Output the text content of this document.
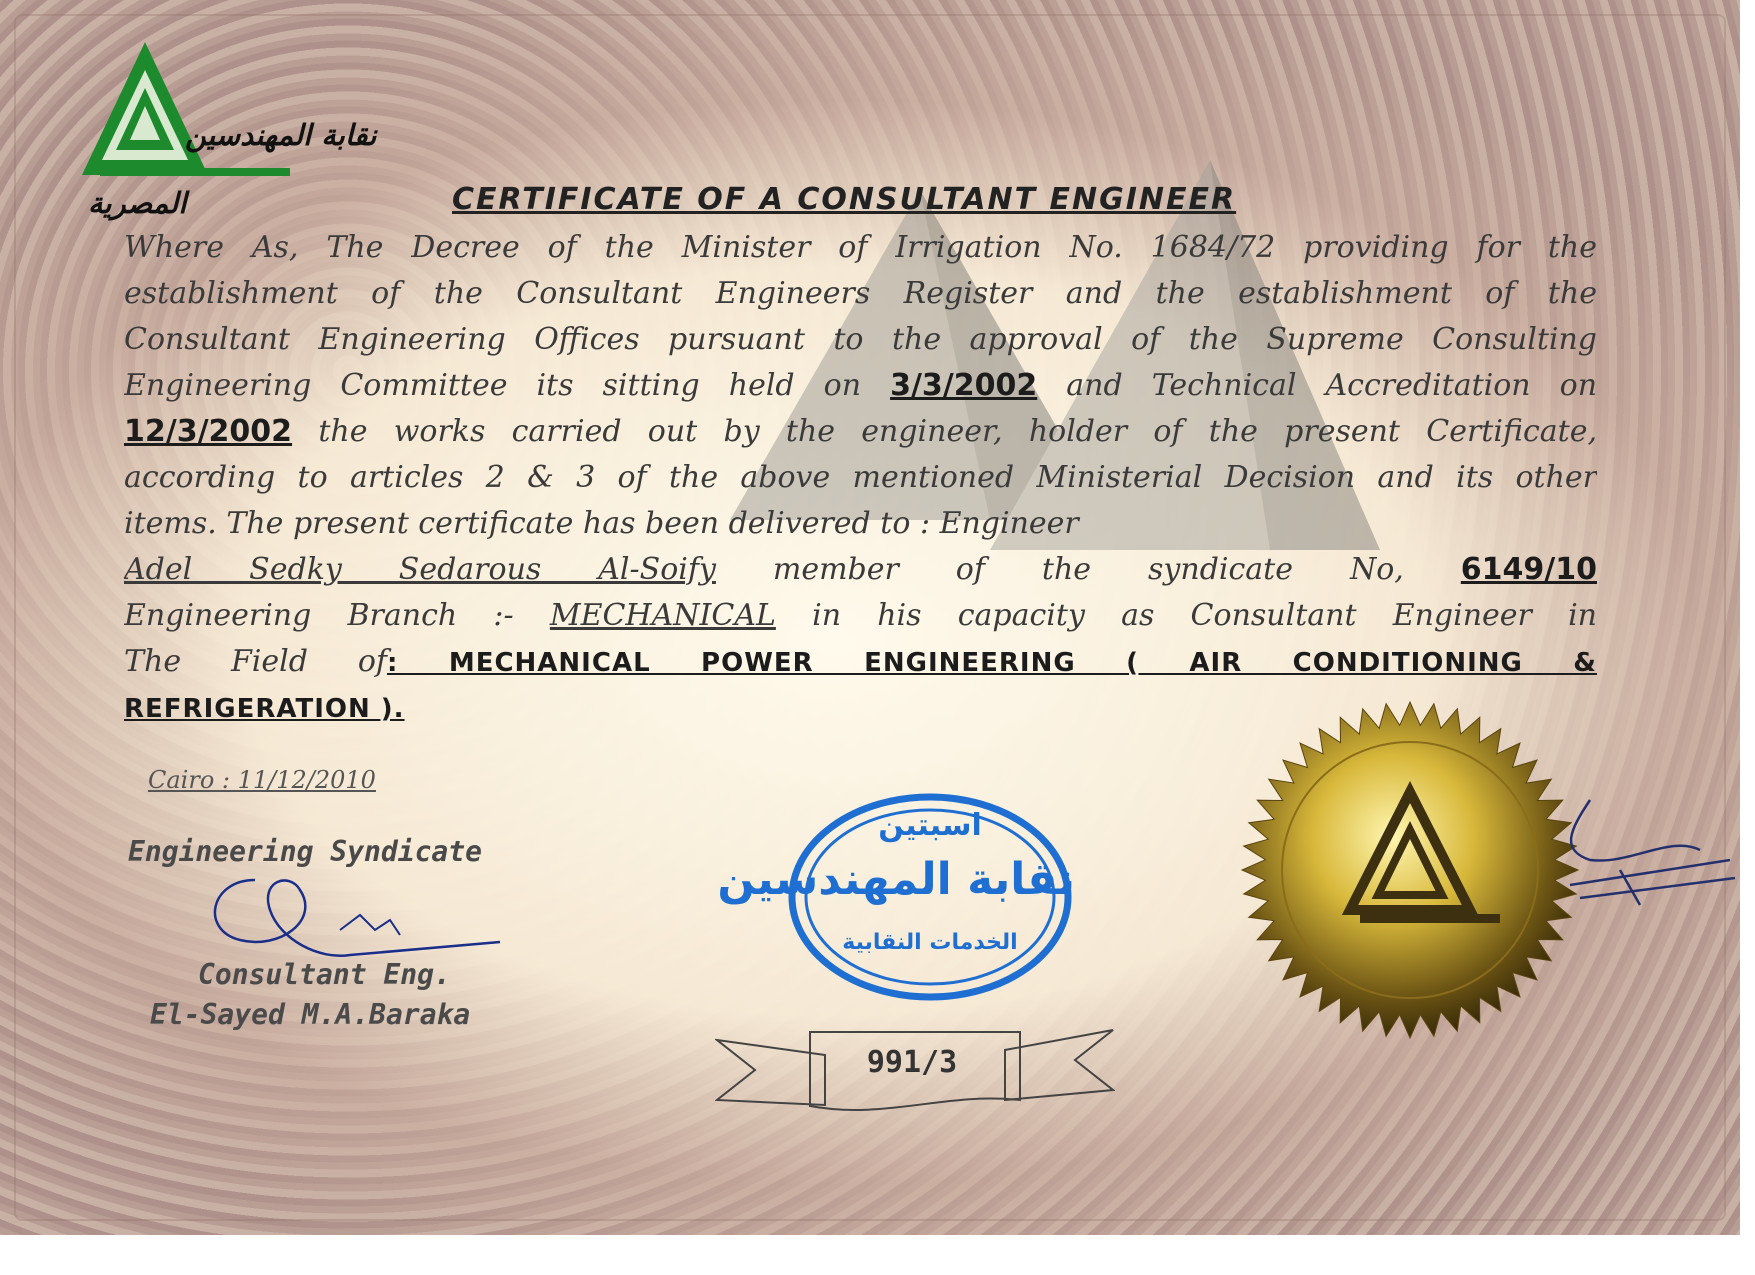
نقابة المهندسين
المصرية	CERTIFICATE OF A CONSULTANT ENGINEER
Where As, The Decree of the Minister of Irrigation No. 1684/72 providing for the
establishment of the Consultant Engineers Register and the establishment of the
Consultant Engineering Offices pursuant to the approval of the Supreme Consulting
Engineering Committee its sitting held on 3/3/2002 and Technical Accreditation on
12/3/2002 the works carried out by the engineer, holder of the present Certificate,
according to articles 2 & 3 of the above mentioned Ministerial Decision and its other
items. The present certificate has been delivered to : Engineer
Adel Sedky Sedarous Al-Soify member of the syndicate No, 6149/10
Engineering Branch :- MECHANICAL in his capacity as Consultant Engineer in
The Field of: MECHANICAL POWER ENGINEERING ( AIR CONDITIONING &
REFRIGERATION ).
Cairo : 11/12/2010
Engineering Syndicate
Consultant Eng.
El-Sayed M.A.Baraka
اسبتين
نقابة المهندسين
الخدمات النقابية
991/3
